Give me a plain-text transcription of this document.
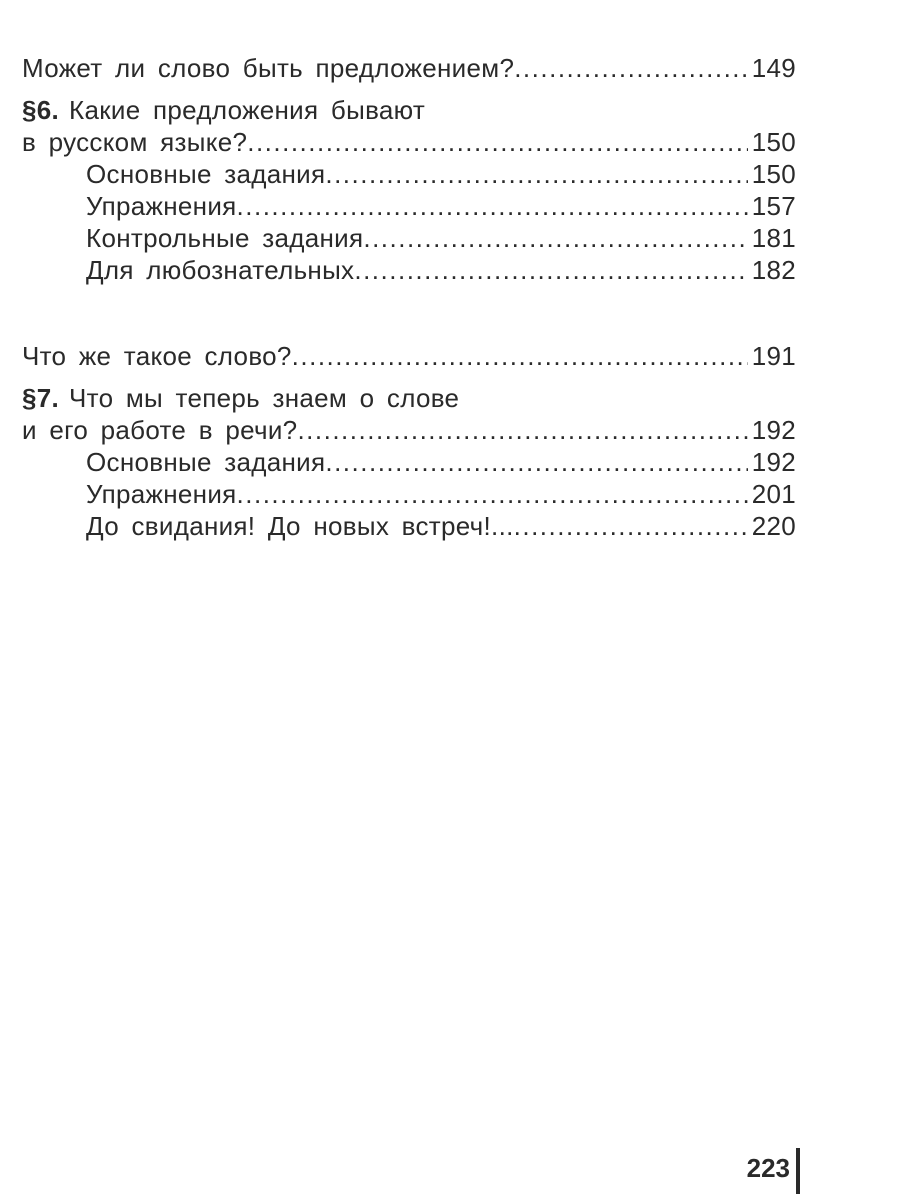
Может ли слово быть предложением? .....	149
§6. Какие предложения бывают
в русском языке? .....	150
Основные задания .....	150
Упражнения .....	157
Контрольные задания .....	181
Для любознательных .....	182
Что же такое слово? .....	191
§7. Что мы теперь знаем о слове
и его работе в речи? .....	192
Основные задания .....	192
Упражнения .....	201
До свидания! До новых встреч!... .....	220
223
